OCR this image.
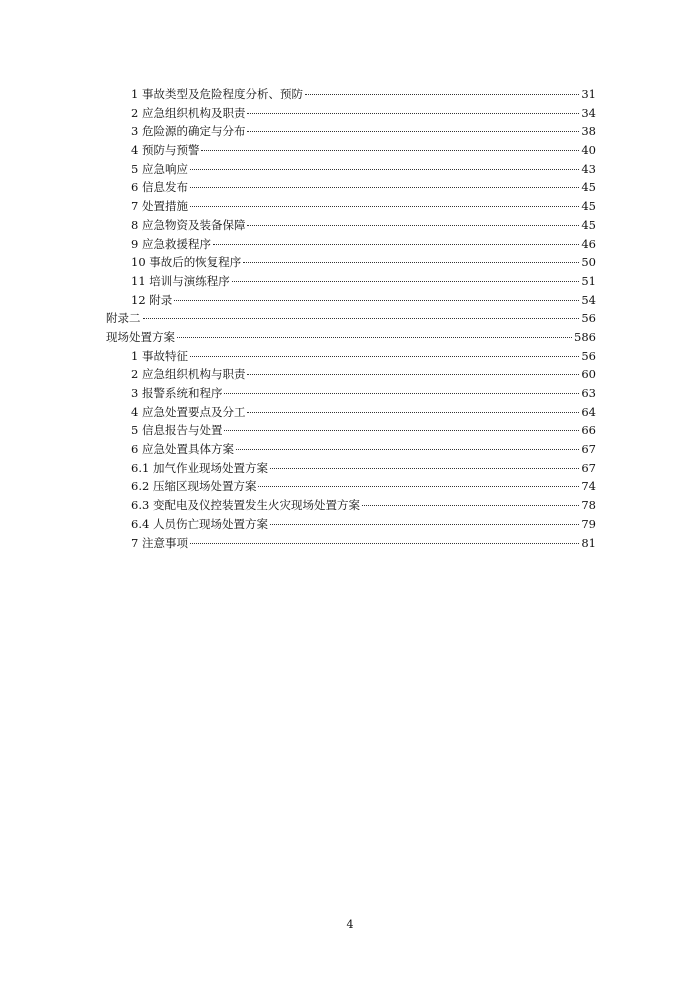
1 事故类型及危险程度分析、预防	31
2 应急组织机构及职责	34
3 危险源的确定与分布	38
4 预防与预警	40
5 应急响应	43
6 信息发布	45
7 处置措施	45
8 应急物资及装备保障	45
9 应急救援程序	46
10 事故后的恢复程序	50
11 培训与演练程序	51
12 附录	54
附录二	56
现场处置方案	586
1 事故特征	56
2 应急组织机构与职责	60
3 报警系统和程序	63
4 应急处置要点及分工	64
5 信息报告与处置	66
6 应急处置具体方案	67
6.1 加气作业现场处置方案	67
6.2 压缩区现场处置方案	74
6.3 变配电及仪控装置发生火灾现场处置方案	78
6.4 人员伤亡现场处置方案	79
7 注意事项	81
4
